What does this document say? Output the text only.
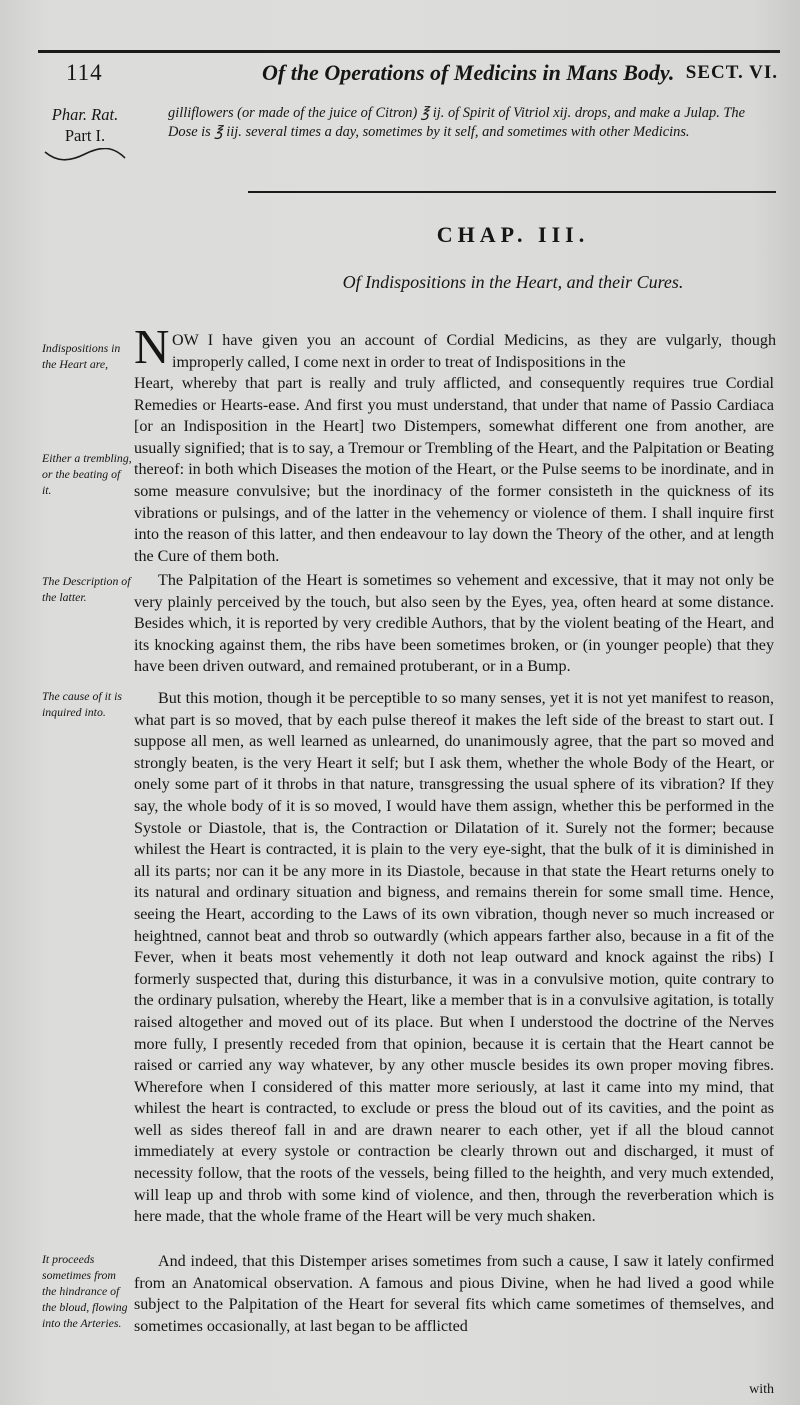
114	Of the Operations of Medicins in Mans Body. SECT. VI.
Phar. Rat.
Part I.
gilliflowers (or made of the juice of Citron) ℥ ij. of Spirit of Vitriol xij. drops, and make a Julap. The Dose is ℥ iij. several times a day, sometimes by it self, and sometimes with other Medicins.
CHAP. III.
Of Indispositions in the Heart, and their Cures.
Indispositions in the Heart are,
Either a trembling, or the beating of it.
The Description of the latter.
The cause of it is inquired into.
It proceeds sometimes from the hindrance of the bloud, flowing into the Arteries.
N OW I have given you an account of Cordial Medicins, as they are vulgarly, though improperly called, I come next in order to treat of Indispositions in the
Heart, whereby that part is really and truly afflicted, and consequently requires true Cordial Remedies or Hearts-ease. And first you must understand, that under that name of Passio Cardiaca [or an Indisposition in the Heart] two Distempers, somewhat different one from another, are usually signified; that is to say, a Tremour or Trembling of the Heart, and the Palpitation or Beating thereof: in both which Diseases the motion of the Heart, or the Pulse seems to be inordinate, and in some measure convulsive; but the inordinacy of the former consisteth in the quickness of its vibrations or pulsings, and of the latter in the vehemency or violence of them. I shall inquire first into the reason of this latter, and then endeavour to lay down the Theory of the other, and at length the Cure of them both.
The Palpitation of the Heart is sometimes so vehement and excessive, that it may not only be very plainly perceived by the touch, but also seen by the Eyes, yea, often heard at some distance. Besides which, it is reported by very credible Authors, that by the violent beating of the Heart, and its knocking against them, the ribs have been sometimes broken, or (in younger people) that they have been driven outward, and remained protuberant, or in a Bump.
But this motion, though it be perceptible to so many senses, yet it is not yet manifest to reason, what part is so moved, that by each pulse thereof it makes the left side of the breast to start out. I suppose all men, as well learned as unlearned, do unanimously agree, that the part so moved and strongly beaten, is the very Heart it self; but I ask them, whether the whole Body of the Heart, or onely some part of it throbs in that nature, transgressing the usual sphere of its vibration? If they say, the whole body of it is so moved, I would have them assign, whether this be performed in the Systole or Diastole, that is, the Contraction or Dilatation of it. Surely not the former; because whilest the Heart is contracted, it is plain to the very eye-sight, that the bulk of it is diminished in all its parts; nor can it be any more in its Diastole, because in that state the Heart returns onely to its natural and ordinary situation and bigness, and remains therein for some small time. Hence, seeing the Heart, according to the Laws of its own vibration, though never so much increased or heightned, cannot beat and throb so outwardly (which appears farther also, because in a fit of the Fever, when it beats most vehemently it doth not leap outward and knock against the ribs) I formerly suspected that, during this disturbance, it was in a convulsive motion, quite contrary to the ordinary pulsation, whereby the Heart, like a member that is in a convulsive agitation, is totally raised altogether and moved out of its place. But when I understood the doctrine of the Nerves more fully, I presently receded from that opinion, because it is certain that the Heart cannot be raised or carried any way whatever, by any other muscle besides its own proper moving fibres. Wherefore when I considered of this matter more seriously, at last it came into my mind, that whilest the heart is contracted, to exclude or press the bloud out of its cavities, and the point as well as sides thereof fall in and are drawn nearer to each other, yet if all the bloud cannot immediately at every systole or contraction be clearly thrown out and discharged, it must of necessity follow, that the roots of the vessels, being filled to the heighth, and very much extended, will leap up and throb with some kind of violence, and then, through the reverberation which is here made, that the whole frame of the Heart will be very much shaken.
And indeed, that this Distemper arises sometimes from such a cause, I saw it lately confirmed from an Anatomical observation. A famous and pious Divine, when he had lived a good while subject to the Palpitation of the Heart for several fits which came sometimes of themselves, and sometimes occasionally, at last began to be afflicted
with
